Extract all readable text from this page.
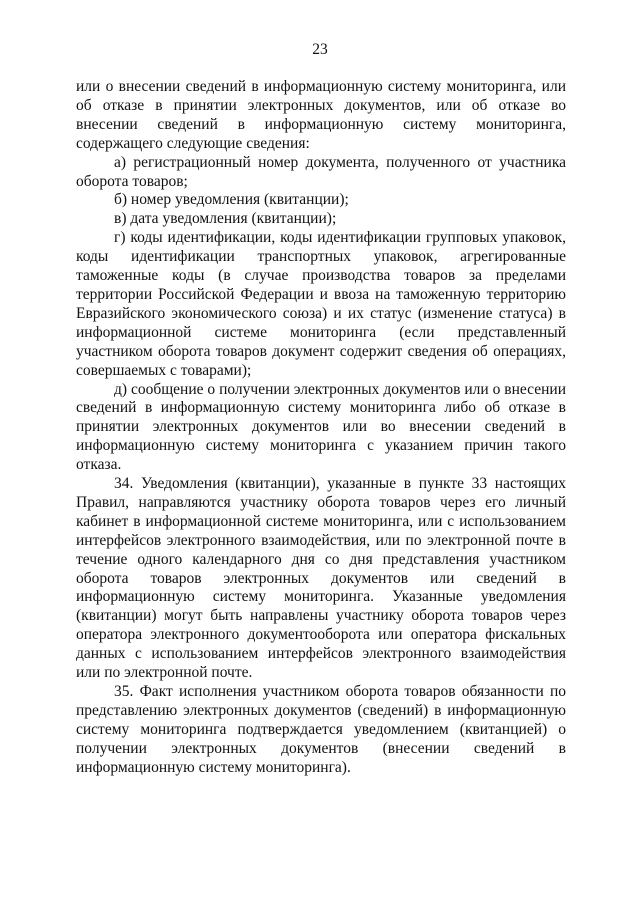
23

или о внесении сведений в информационную систему мониторинга, или об отказе в принятии электронных документов, или об отказе во внесении сведений в информационную систему мониторинга, содержащего следующие сведения:

а) регистрационный номер документа, полученного от участника оборота товаров;

б) номер уведомления (квитанции);

в) дата уведомления (квитанции);

г) коды идентификации, коды идентификации групповых упаковок, коды идентификации транспортных упаковок, агрегированные таможенные коды (в случае производства товаров за пределами территории Российской Федерации и ввоза на таможенную территорию Евразийского экономического союза) и их статус (изменение статуса) в информационной системе мониторинга (если представленный участником оборота товаров документ содержит сведения об операциях, совершаемых с товарами);

д) сообщение о получении электронных документов или о внесении сведений в информационную систему мониторинга либо об отказе в принятии электронных документов или во внесении сведений в информационную систему мониторинга с указанием причин такого отказа.

34. Уведомления (квитанции), указанные в пункте 33 настоящих Правил, направляются участнику оборота товаров через его личный кабинет в информационной системе мониторинга, или с использованием интерфейсов электронного взаимодействия, или по электронной почте в течение одного календарного дня со дня представления участником оборота товаров электронных документов или сведений в информационную систему мониторинга. Указанные уведомления (квитанции) могут быть направлены участнику оборота товаров через оператора электронного документооборота или оператора фискальных данных с использованием интерфейсов электронного взаимодействия или по электронной почте.

35. Факт исполнения участником оборота товаров обязанности по представлению электронных документов (сведений) в информационную систему мониторинга подтверждается уведомлением (квитанцией) о получении электронных документов (внесении сведений в информационную систему мониторинга).
